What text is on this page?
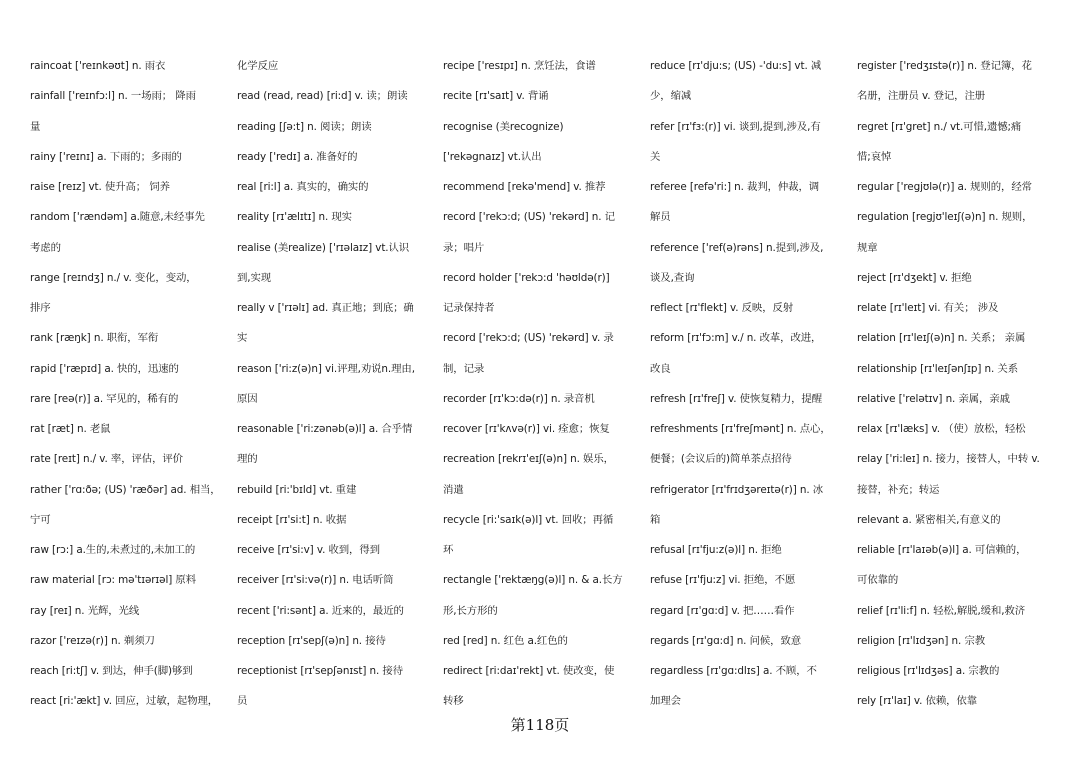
raincoat ['reɪnkəʊt] n. 雨衣
rainfall ['reɪnfɔ:l] n. 一场雨； 降雨
量
rainy ['reɪnɪ] a. 下雨的；多雨的
raise [reɪz] vt. 使升高； 饲养
random ['rændəm] a.随意,未经事先
考虑的
range [reɪndʒ] n./ v. 变化，变动，
排序
rank [ræŋk] n. 职衔，军衔
rapid ['ræpɪd] a. 快的，迅速的
rare [reə(r)] a. 罕见的，稀有的
rat [ræt] n. 老鼠
rate [reɪt] n./ v. 率，评估，评价
rather ['rɑ:ðə; (US) 'ræðər] ad. 相当，
宁可
raw [rɔ:] a.生的,未煮过的,未加工的
raw material [rɔ: mə'tɪərɪəl] 原料
ray [reɪ] n. 光辉，光线
razor ['reɪzə(r)] n. 剃须刀
reach [ri:tʃ] v. 到达，伸手(脚)够到
react [ri:'ækt] v. 回应，过敏，起物理，
化学反应
read (read, read) [ri:d] v. 读；朗读
reading [ʃə:t] n. 阅读；朗读
ready ['redɪ] a. 准备好的
real [ri:l] a. 真实的，确实的
reality [rɪ'ælɪtɪ] n. 现实
realise (美realize) ['rɪəlaɪz] vt.认识
到,实现
really v ['rɪəlɪ] ad. 真正地；到底；确
实
reason ['ri:z(ə)n] vi.评理,劝说n.理由,
原因
reasonable ['ri:zənəb(ə)l] a. 合乎情
理的
rebuild [ri:'bɪld] vt. 重建
receipt [rɪ'si:t] n. 收据
receive [rɪ'si:v] v. 收到，得到
receiver [rɪ'si:və(r)] n. 电话听筒
recent ['ri:sənt] a. 近来的，最近的
reception [rɪ'sepʃ(ə)n] n. 接待
receptionist [rɪ'sepʃənɪst] n. 接待
员
recipe ['resɪpɪ] n. 烹饪法，食谱
recite [rɪ'saɪt] v. 背诵
recognise (美recognize)
['rekəgnaɪz] vt.认出
recommend [rekə'mend] v. 推荐
record ['rekɔ:d; (US) 'rekərd] n. 记
录；唱片
record holder ['rekɔ:d 'həʊldə(r)]
记录保持者
record ['rekɔ:d; (US) 'rekərd] v. 录
制，记录
recorder [rɪ'kɔ:də(r)] n. 录音机
recover [rɪ'kʌvə(r)] vi. 痊愈；恢复
recreation [rekrɪ'eɪʃ(ə)n] n. 娱乐，
消遣
recycle [ri:'saɪk(ə)l] vt. 回收；再循
环
rectangle ['rektæŋg(ə)l] n. & a.长方
形,长方形的
red [red] n. 红色 a.红色的
redirect [ri:daɪ'rekt] vt. 使改变，使
转移
reduce [rɪ'dju:s; (US) -'du:s] vt. 减
少，缩减
refer [rɪ'fɜ:(r)] vi. 谈到,提到,涉及,有
关
referee [refə'ri:] n. 裁判，仲裁，调
解员
reference ['ref(ə)rəns] n.提到,涉及,
谈及,查询
reflect [rɪ'flekt] v. 反映，反射
reform [rɪ'fɔ:m] v./ n. 改革，改进，
改良
refresh [rɪ'freʃ] v. 使恢复精力，提醒
refreshments [rɪ'freʃmənt] n. 点心，
便餐；(会议后的)简单茶点招待
refrigerator [rɪ'frɪdʒəreɪtə(r)] n. 冰
箱
refusal [rɪ'fju:z(ə)l] n. 拒绝
refuse [rɪ'fju:z] vi. 拒绝，不愿
regard [rɪ'gɑ:d] v. 把……看作
regards [rɪ'gɑ:d] n. 问候，致意
regardless [rɪ'gɑ:dlɪs] a. 不顾，不
加理会
register ['redʒɪstə(r)] n. 登记簿，花
名册，注册员 v. 登记，注册
regret [rɪ'gret] n./ vt.可惜,遗憾;痛
惜;哀悼
regular ['regjʊlə(r)] a. 规则的，经常
regulation [regjʊ'leɪʃ(ə)n] n. 规则，
规章
reject [rɪ'dʒekt] v. 拒绝
relate [rɪ'leɪt] vi. 有关； 涉及
relation [rɪ'leɪʃ(ə)n] n. 关系； 亲属
relationship [rɪ'leɪʃənʃɪp] n. 关系
relative ['relətɪv] n. 亲属，亲戚
relax [rɪ'læks] v. （使）放松，轻松
relay ['ri:leɪ] n. 接力，接替人，中转 v.
接替，补充；转运
relevant a. 紧密相关,有意义的
reliable [rɪ'laɪəb(ə)l] a. 可信赖的，
可依靠的
relief [rɪ'li:f] n. 轻松,解脱,缓和,救济
religion [rɪ'lɪdʒən] n. 宗教
religious [rɪ'lɪdʒəs] a. 宗教的
rely [rɪ'laɪ] v. 依赖，依靠
第118页
